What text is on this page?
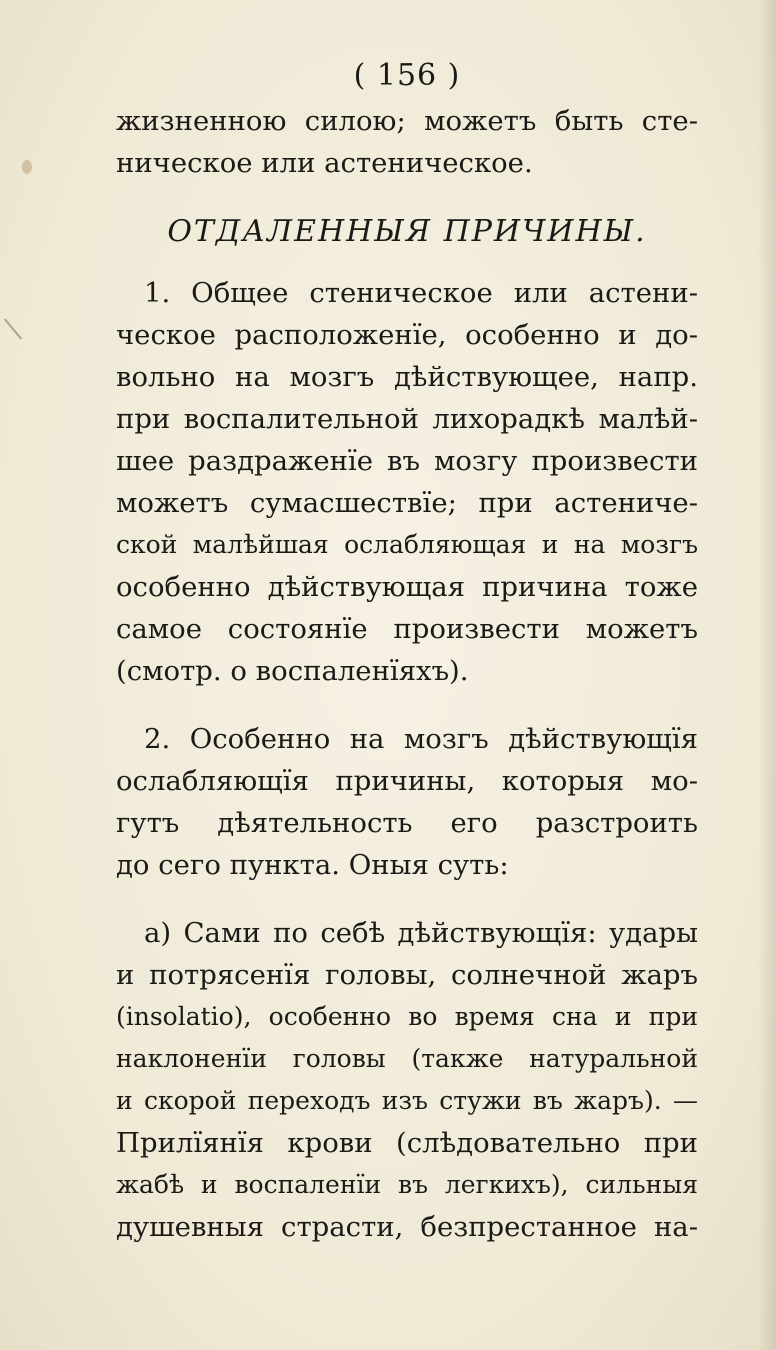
( 156 )

жизненною силою; можетъ быть сте-
ническое или астеническое.
ОТДАЛЕННЫЯ ПРИЧИНЫ.
1. Общее стеническое или астени-
ческое расположенїе, особенно и до-
вольно на мозгъ дѣйствующее, напр.
при воспалительной лихорадкѣ малѣй-
шее раздраженїе въ мозгу произвести
можетъ сумасшествїе; при астениче-
ской малѣйшая ослабляющая и на мозгъ
особенно дѣйствующая причина тоже
самое состоянїе произвести можетъ
(смотр. о воспаленїяхъ).
2. Особенно на мозгъ дѣйствующїя
ослабляющїя причины, которыя мо-
гутъ дѣятельность его разстроить
до сего пункта. Оныя суть:
а) Сами по себѣ дѣйствующїя: удары
и потрясенїя головы, солнечной жаръ
(insolatio), особенно во время сна и при
наклоненїи головы (также натуральной
и скорой переходъ изъ стужи въ жаръ). —
Прилїянїя крови (слѣдовательно при
жабѣ и воспаленїи въ легкихъ), сильныя
душевныя страсти, безпрестанное на-
